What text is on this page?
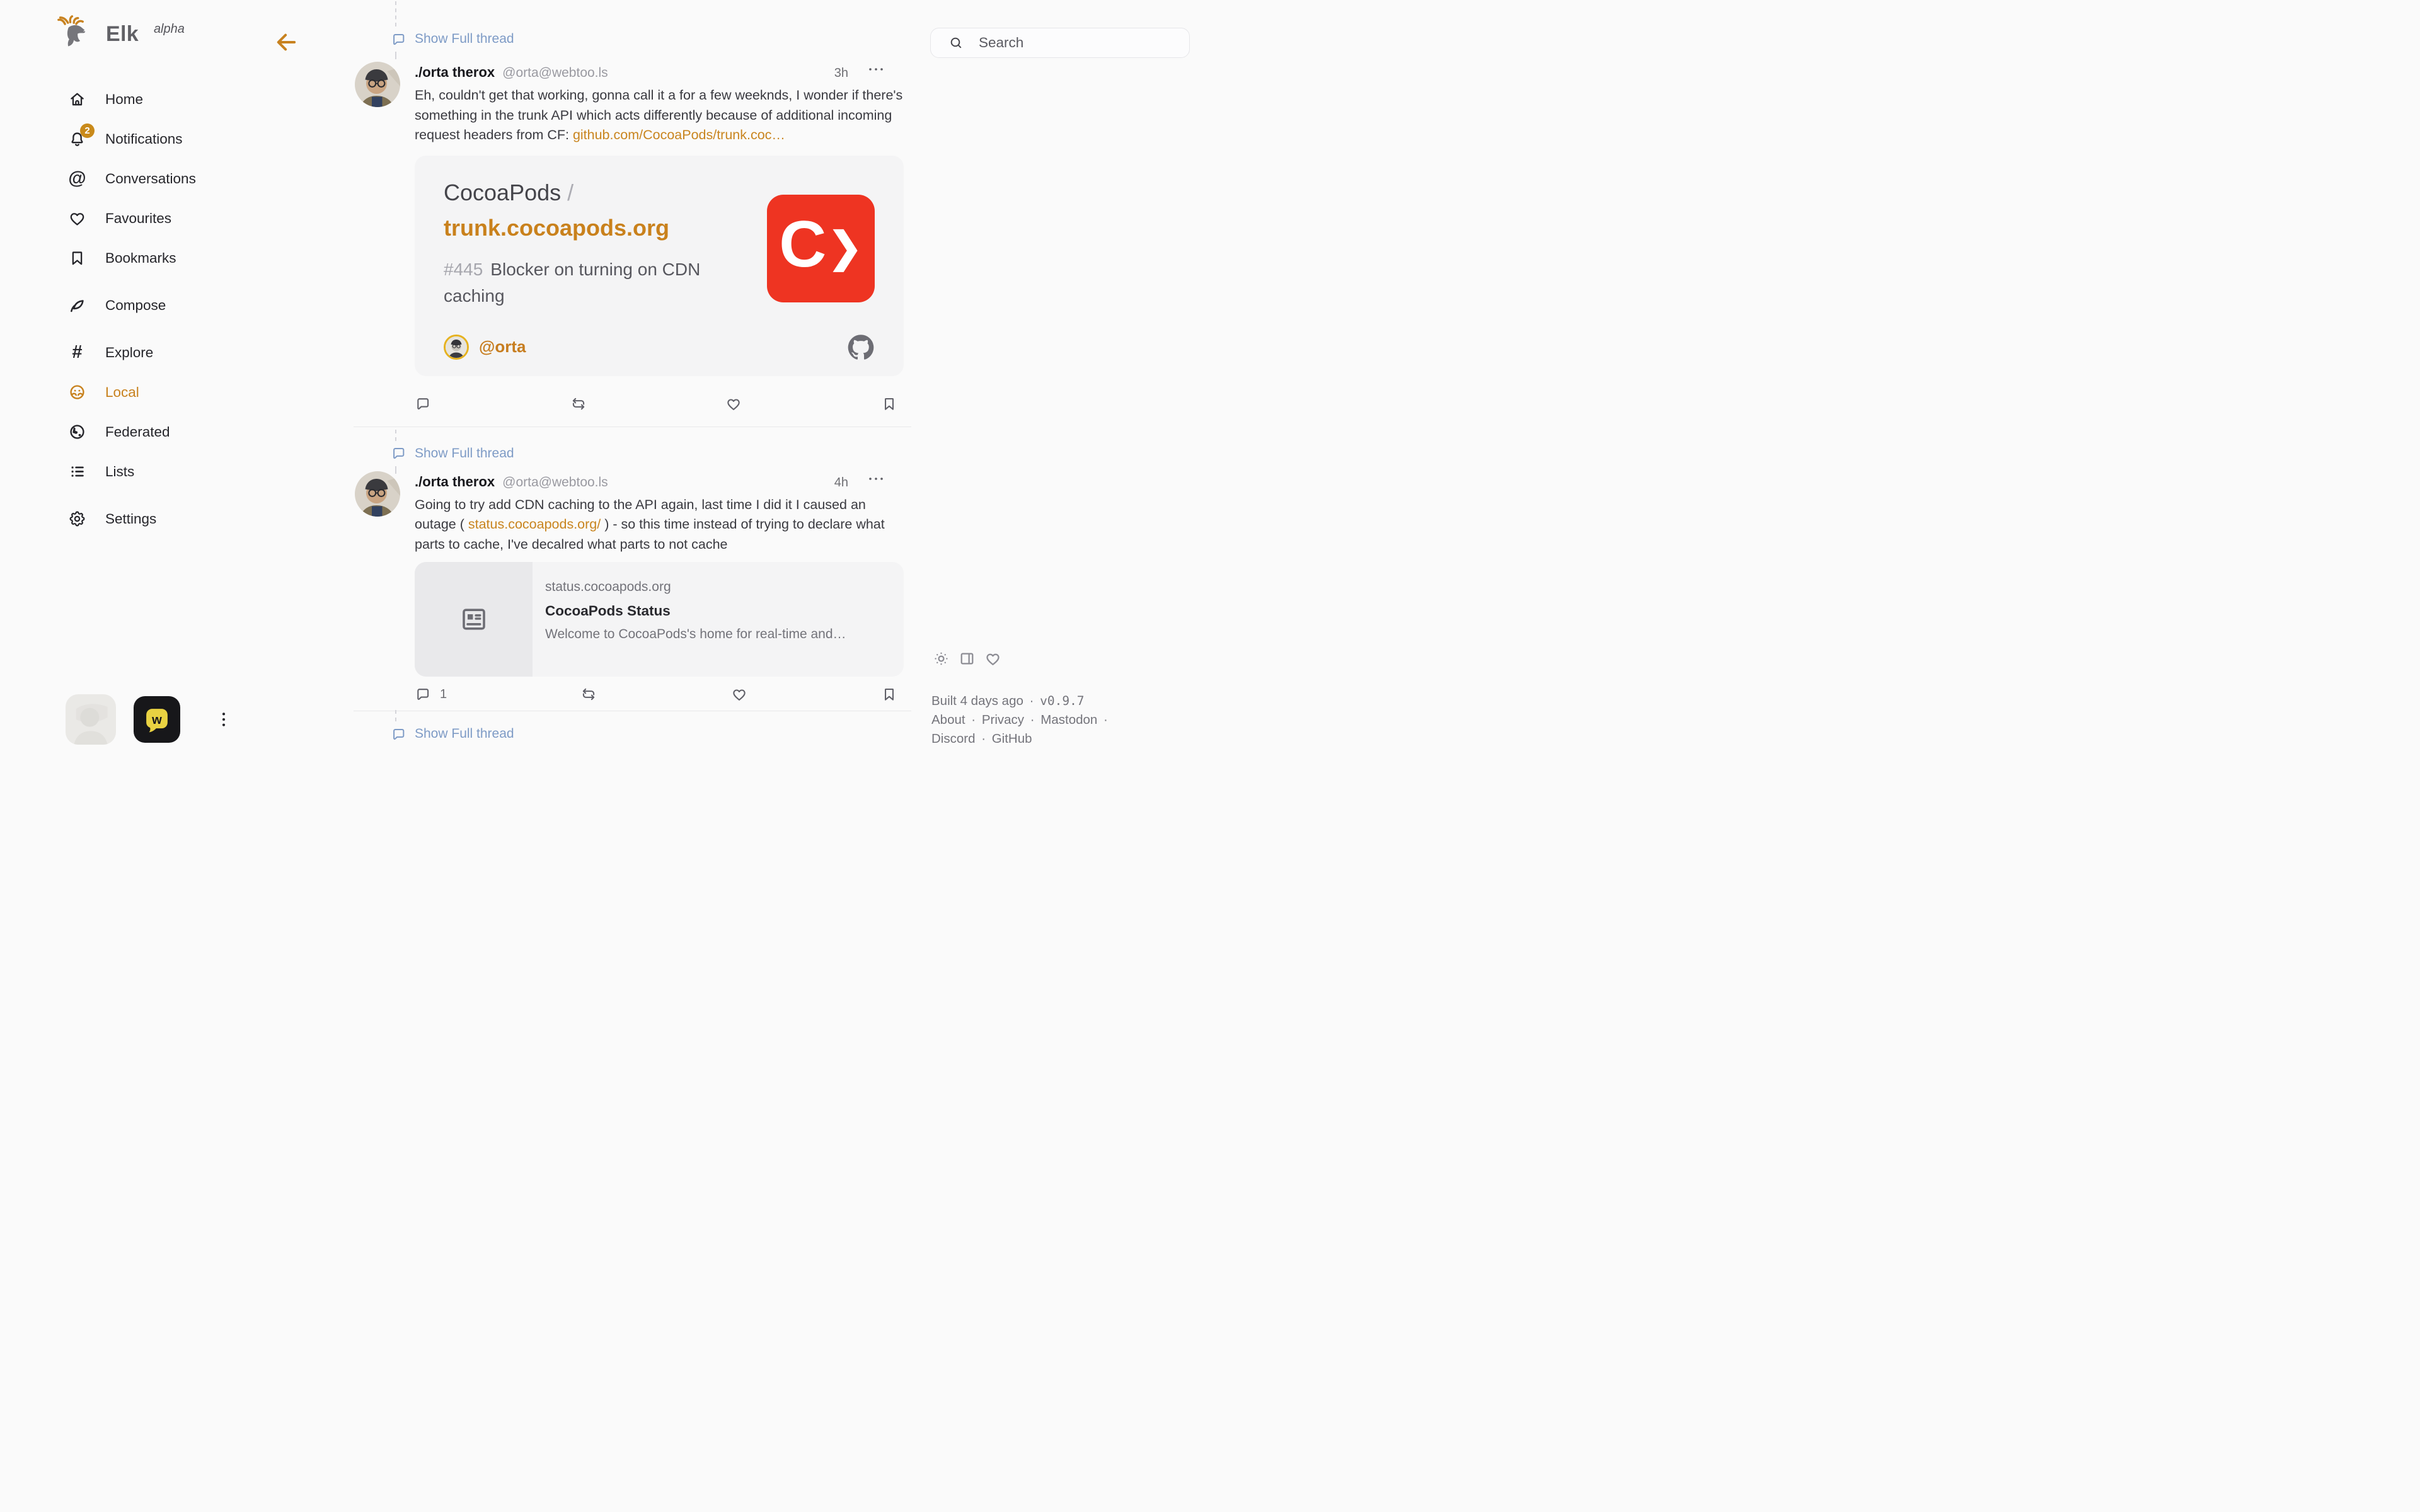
Elk alpha
Home
2	Notifications
@ Conversations
Favourites
Bookmarks
Compose
# Explore
Local
Federated
Lists
Settings
w
Show Full thread
./orta therox @orta@webtoo.ls	3h
Eh, couldn't get that working, gonna call it a for a few weeknds, I wonder if there's something in the trunk API which acts differently because of additional incoming request headers from CF: github.com/CocoaPods/trunk.coc…
CocoaPods /
trunk.cocoapods.org
#445 Blocker on turning on CDN caching
C ❯
@orta
Show Full thread
./orta therox @orta@webtoo.ls	4h
Going to try add CDN caching to the API again, last time I did it I caused an outage ( status.cocoapods.org/ ) - so this time instead of trying to declare what parts to cache, I've decalred what parts to not cache
status.cocoapods.org
CocoaPods Status
Welcome to CocoaPods's home for real-time and…
1
Show Full thread
Search
Built 4 days ago · v0.9.7
About · Privacy · Mastodon · Discord · GitHub
